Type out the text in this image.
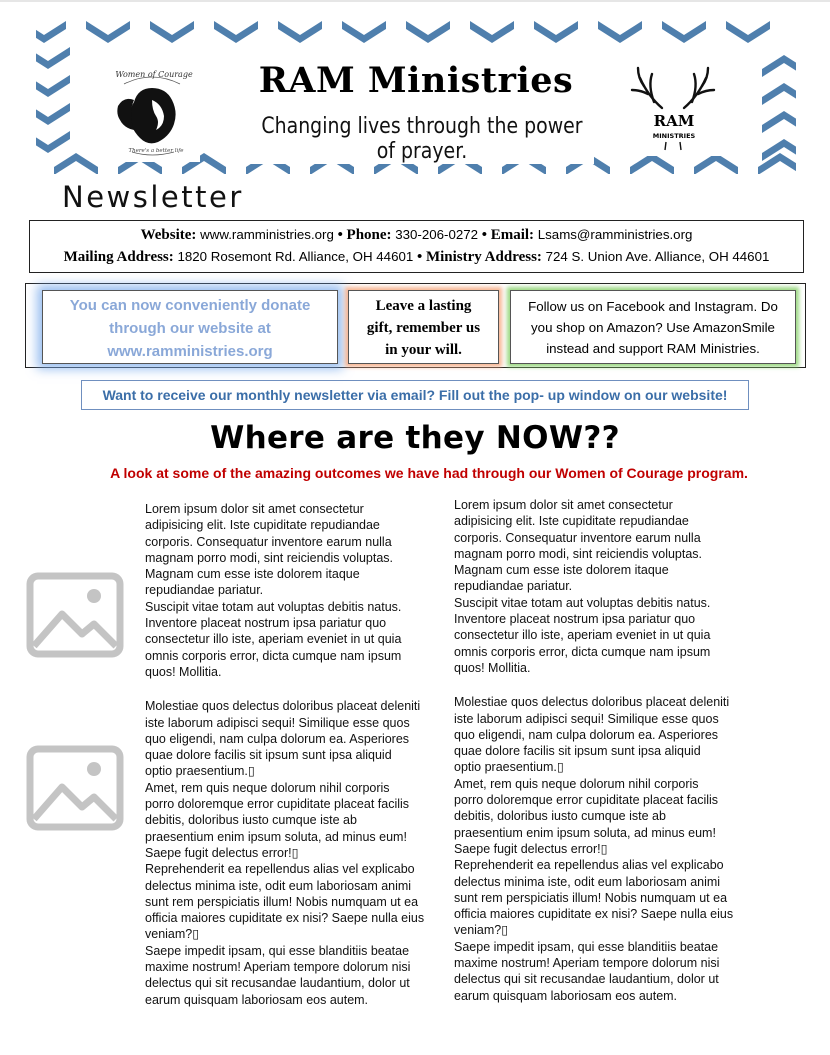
Women of Courage
There's a better life
RAM Ministries
Changing lives through the power of prayer.
RAM
MINISTRIES
Newsletter
Website: www.ramministries.org • Phone: 330-206-0272 • Email: Lsams@ramministries.org
Mailing Address: 1820 Rosemont Rd. Alliance, OH 44601 • Ministry Address: 724 S. Union Ave. Alliance, OH 44601
You can now conveniently donate
through our website at
www.ramministries.org
Leave a lasting
gift, remember us
in your will.
Follow us on Facebook and Instagram. Do
you shop on Amazon? Use AmazonSmile
instead and support RAM Ministries.
Want to receive our monthly newsletter via email? Fill out the pop- up window on our website!
Where are they NOW??
A look at some of the amazing outcomes we have had through our Women of Courage program.

Lorem ipsum dolor sit amet consectetur

adipisicing elit. Iste cupiditate repudiandae

corporis. Consequatur inventore earum nulla

magnam porro modi, sint reiciendis voluptas.

Magnam cum esse iste dolorem itaque

repudiandae pariatur.

Suscipit vitae totam aut voluptas debitis natus.

Inventore placeat nostrum ipsa pariatur quo

consectetur illo iste, aperiam eveniet in ut quia

omnis corporis error, dicta cumque nam ipsum

quos! Mollitia.

Molestiae quos delectus doloribus placeat deleniti

iste laborum adipisci sequi! Similique esse quos

quo eligendi, nam culpa dolorum ea. Asperiores

quae dolore facilis sit ipsum sunt ipsa aliquid

optio praesentium.▯

Amet, rem quis neque dolorum nihil corporis

porro doloremque error cupiditate placeat facilis

debitis, doloribus iusto cumque iste ab

praesentium enim ipsum soluta, ad minus eum!

Saepe fugit delectus error!▯

Reprehenderit ea repellendus alias vel explicabo

delectus minima iste, odit eum laboriosam animi

sunt rem perspiciatis illum! Nobis numquam ut ea

officia maiores cupiditate ex nisi? Saepe nulla eius

veniam?▯

Saepe impedit ipsam, qui esse blanditiis beatae

maxime nostrum! Aperiam tempore dolorum nisi

delectus qui sit recusandae laudantium, dolor ut

earum quisquam laboriosam eos autem.

Lorem ipsum dolor sit amet consectetur

adipisicing elit. Iste cupiditate repudiandae

corporis. Consequatur inventore earum nulla

magnam porro modi, sint reiciendis voluptas.

Magnam cum esse iste dolorem itaque

repudiandae pariatur.

Suscipit vitae totam aut voluptas debitis natus.

Inventore placeat nostrum ipsa pariatur quo

consectetur illo iste, aperiam eveniet in ut quia

omnis corporis error, dicta cumque nam ipsum

quos! Mollitia.

Molestiae quos delectus doloribus placeat deleniti

iste laborum adipisci sequi! Similique esse quos

quo eligendi, nam culpa dolorum ea. Asperiores

quae dolore facilis sit ipsum sunt ipsa aliquid

optio praesentium.▯

Amet, rem quis neque dolorum nihil corporis

porro doloremque error cupiditate placeat facilis

debitis, doloribus iusto cumque iste ab

praesentium enim ipsum soluta, ad minus eum!

Saepe fugit delectus error!▯

Reprehenderit ea repellendus alias vel explicabo

delectus minima iste, odit eum laboriosam animi

sunt rem perspiciatis illum! Nobis numquam ut ea

officia maiores cupiditate ex nisi? Saepe nulla eius

veniam?▯

Saepe impedit ipsam, qui esse blanditiis beatae

maxime nostrum! Aperiam tempore dolorum nisi

delectus qui sit recusandae laudantium, dolor ut

earum quisquam laboriosam eos autem.
